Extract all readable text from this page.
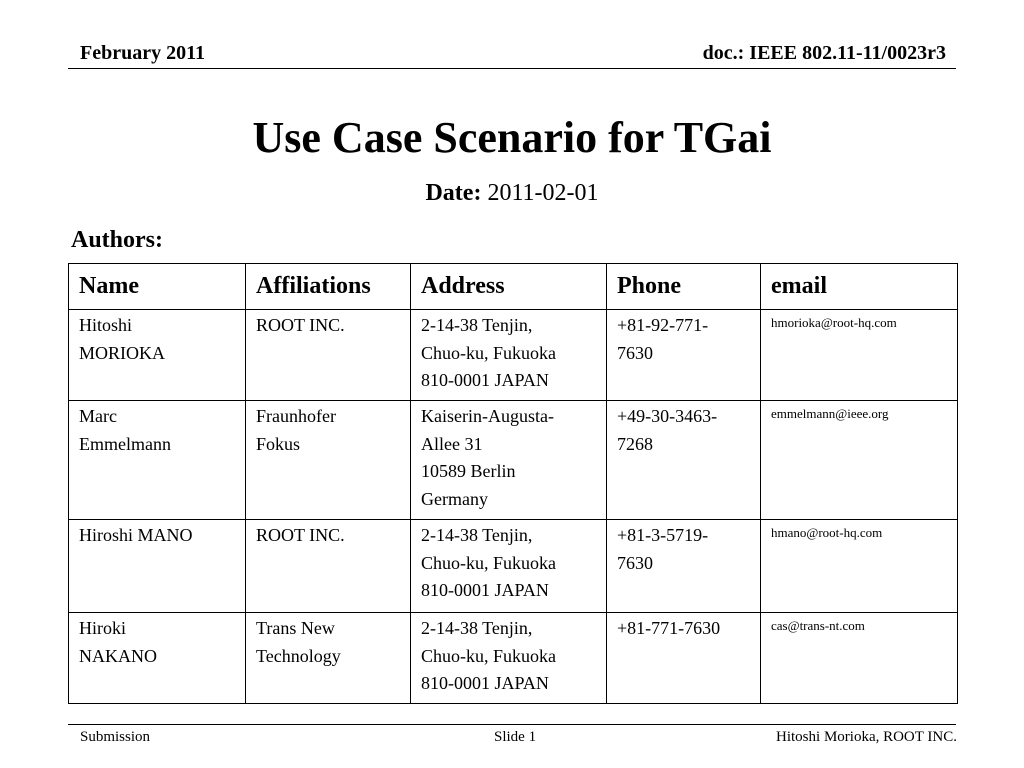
February 2011	doc.: IEEE 802.11-11/0023r3
Use Case Scenario for TGai
Date: 2011-02-01
Authors:
Name	Affiliations	Address	Phone	email

Hitoshi
MORIOKA	ROOT INC.	2-14-38 Tenjin,
Chuo-ku, Fukuoka
810-0001 JAPAN	+81-92-771-
7630	hmorioka@root-hq.com

Marc
Emmelmann	Fraunhofer
Fokus	Kaiserin-Augusta-
Allee 31
10589 Berlin
Germany	+49-30-3463-
7268	emmelmann@ieee.org

Hiroshi MANO	ROOT INC.	2-14-38 Tenjin,
Chuo-ku, Fukuoka
810-0001 JAPAN	+81-3-5719-
7630	hmano@root-hq.com

Hiroki
NAKANO	Trans New
Technology	2-14-38 Tenjin,
Chuo-ku, Fukuoka
810-0001 JAPAN	+81-771-7630	cas@trans-nt.com
Submission	Slide 1	Hitoshi Morioka, ROOT INC.
